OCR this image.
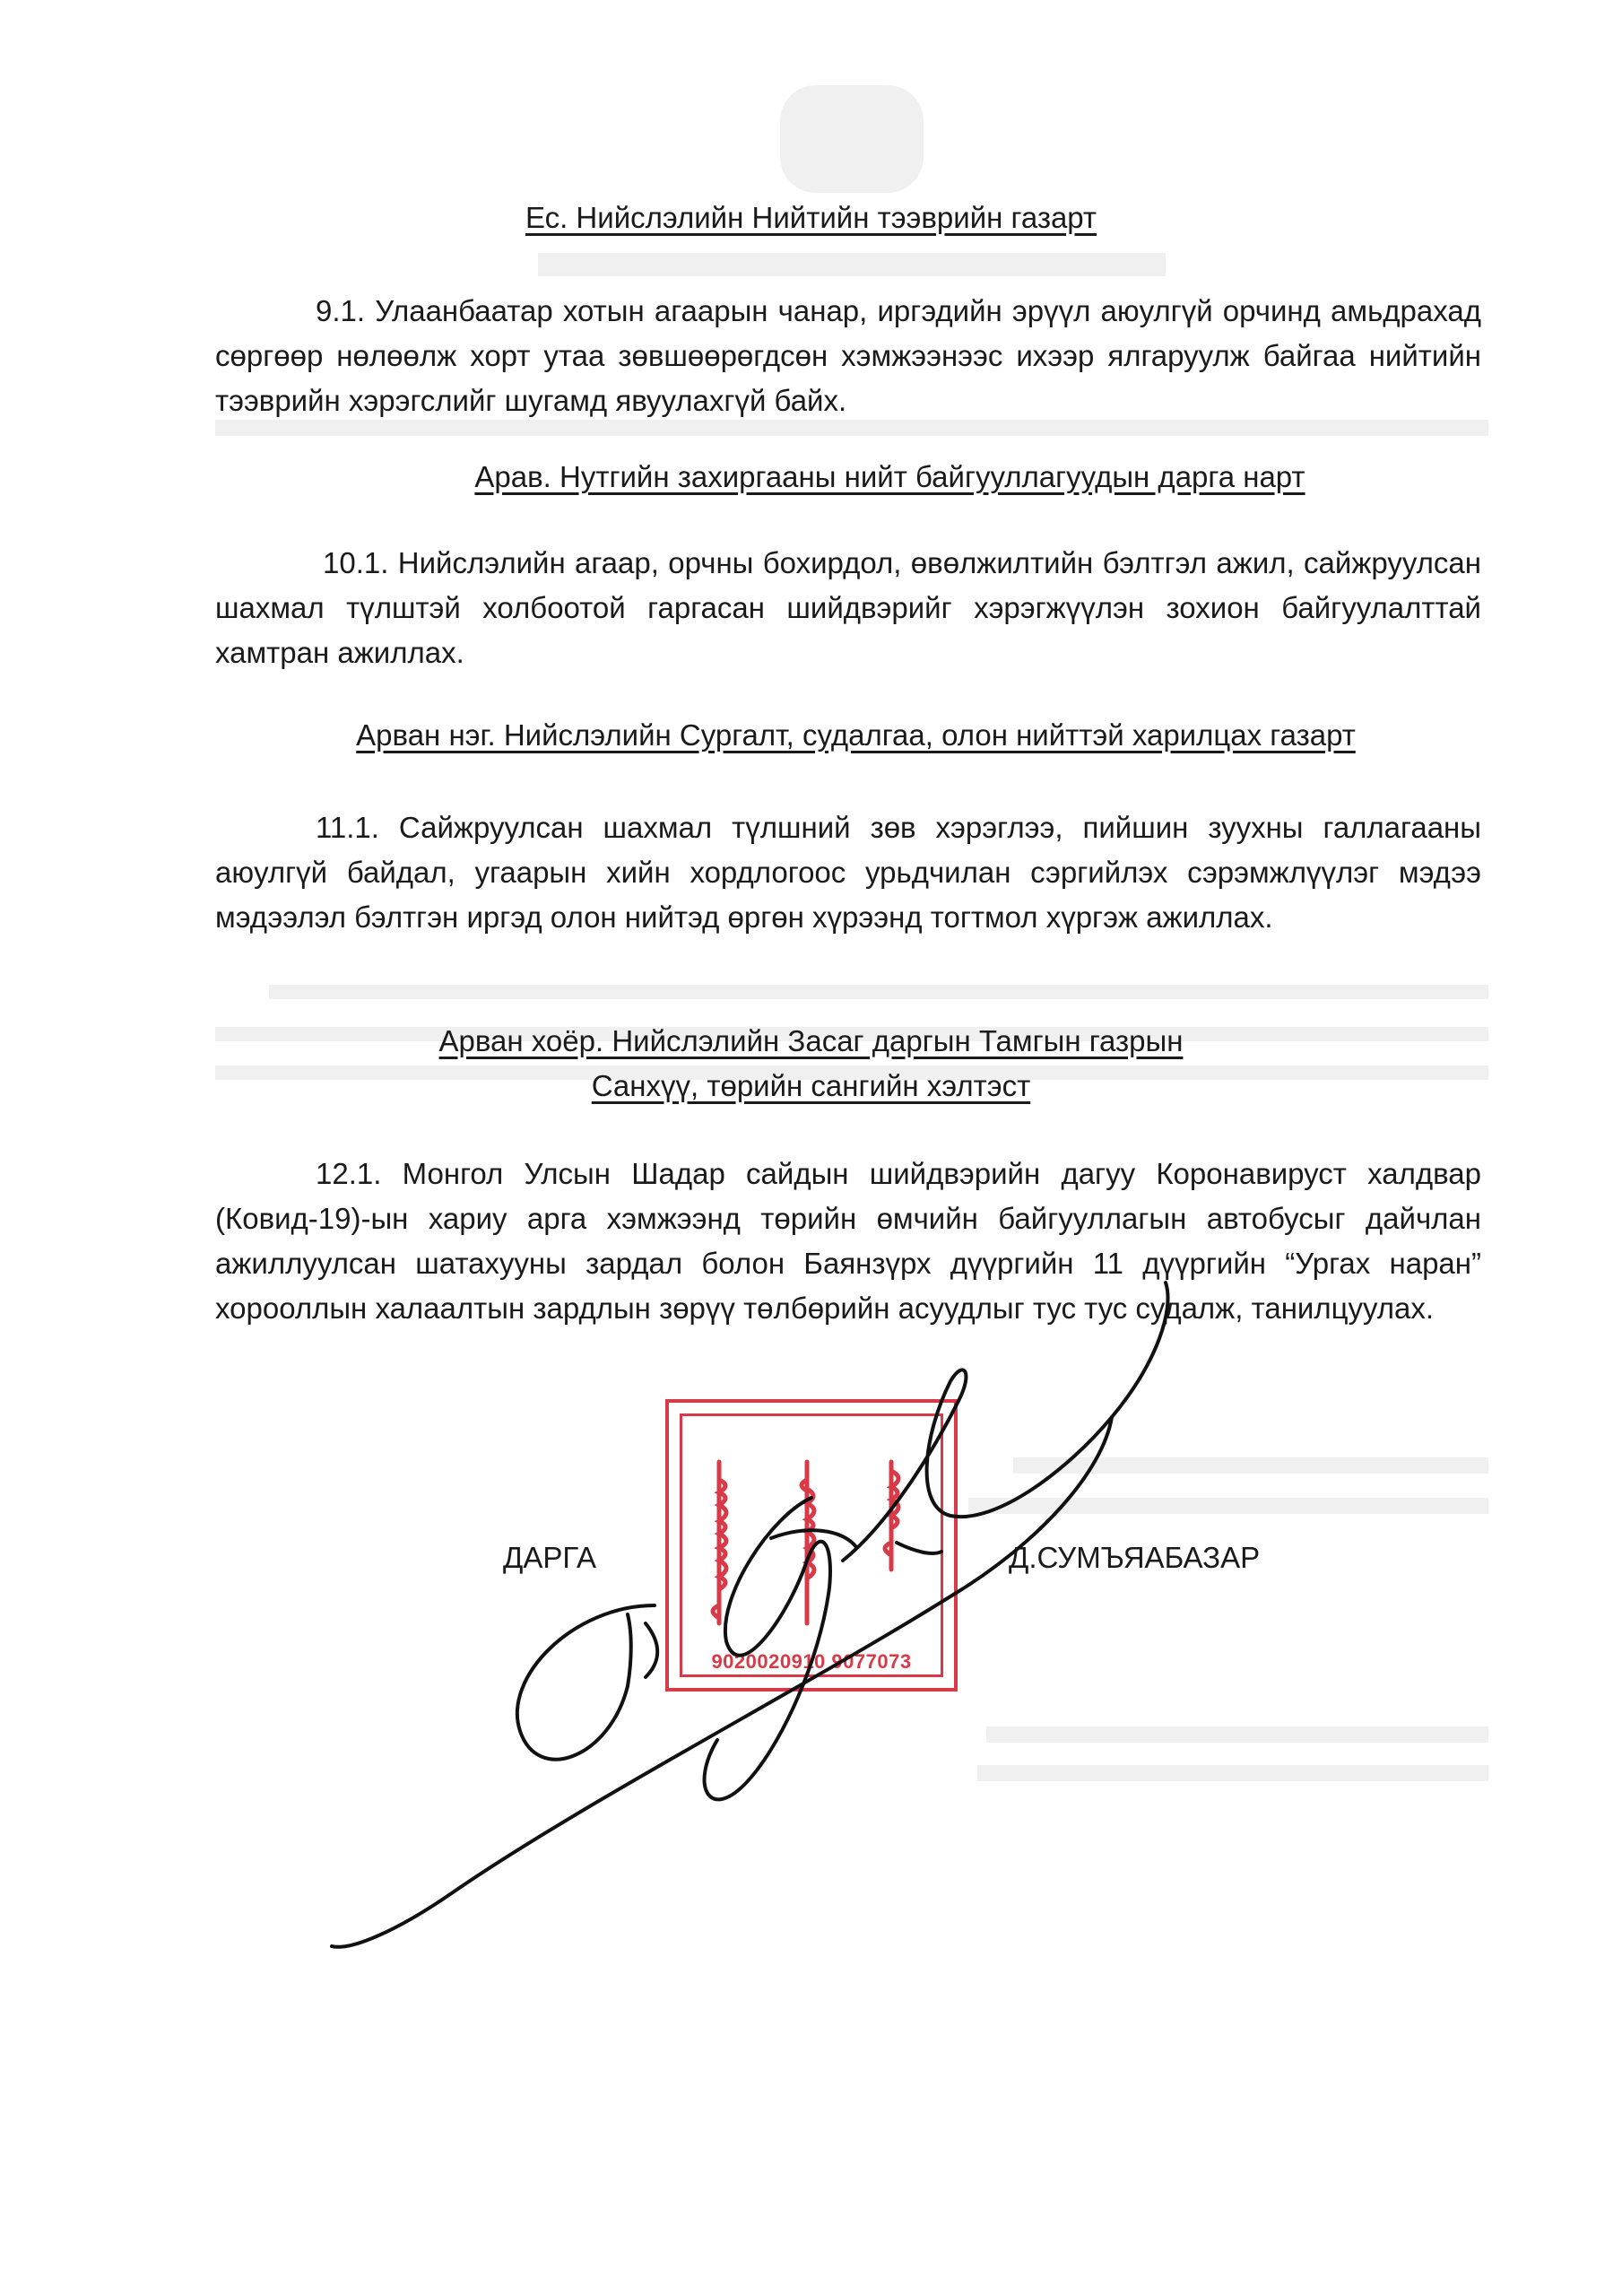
Ес. Нийслэлийн Нийтийн тээврийн газарт
9.1. Улаанбаатар хотын агаарын чанар, иргэдийн эрүүл аюулгүй орчинд амьдрахад сөргөөр нөлөөлж хорт утаа зөвшөөрөгдсөн хэмжээнээс ихээр ялгаруулж байгаа нийтийн тээврийн хэрэгслийг шугамд явуулахгүй байх.
Арав. Нутгийн захиргааны нийт байгууллагуудын дарга нарт
10.1. Нийслэлийн агаар, орчны бохирдол, өвөлжилтийн бэлтгэл ажил, сайжруулсан шахмал түлштэй холбоотой гаргасан шийдвэрийг хэрэгжүүлэн зохион байгуулалттай хамтран ажиллах.
Арван нэг. Нийслэлийн Сургалт, судалгаа, олон нийттэй харилцах газарт
11.1. Сайжруулсан шахмал түлшний зөв хэрэглээ, пийшин зуухны галлагааны аюулгүй байдал, угаарын хийн хордлогоос урьдчилан сэргийлэх сэрэмжлүүлэг мэдээ мэдээлэл бэлтгэн иргэд олон нийтэд өргөн хүрээнд тогтмол хүргэж ажиллах.
Арван хоёр. Нийслэлийн Засаг даргын Тамгын газрын
Санхүү, төрийн сангийн хэлтэст
12.1. Монгол Улсын Шадар сайдын шийдвэрийн дагуу Коронавируст халдвар (Ковид-19)-ын хариу арга хэмжээнд төрийн өмчийн байгууллагын автобусыг дайчлан ажиллуулсан шатахууны зардал болон Баянзүрх дүүргийн 11 дүүргийн “Ургах наран” хорооллын халаалтын зардлын зөрүү төлбөрийн асуудлыг тус тус судалж, танилцуулах.
ДАРГА	Д.СУМЪЯАБАЗАР
9020020910 9077073
